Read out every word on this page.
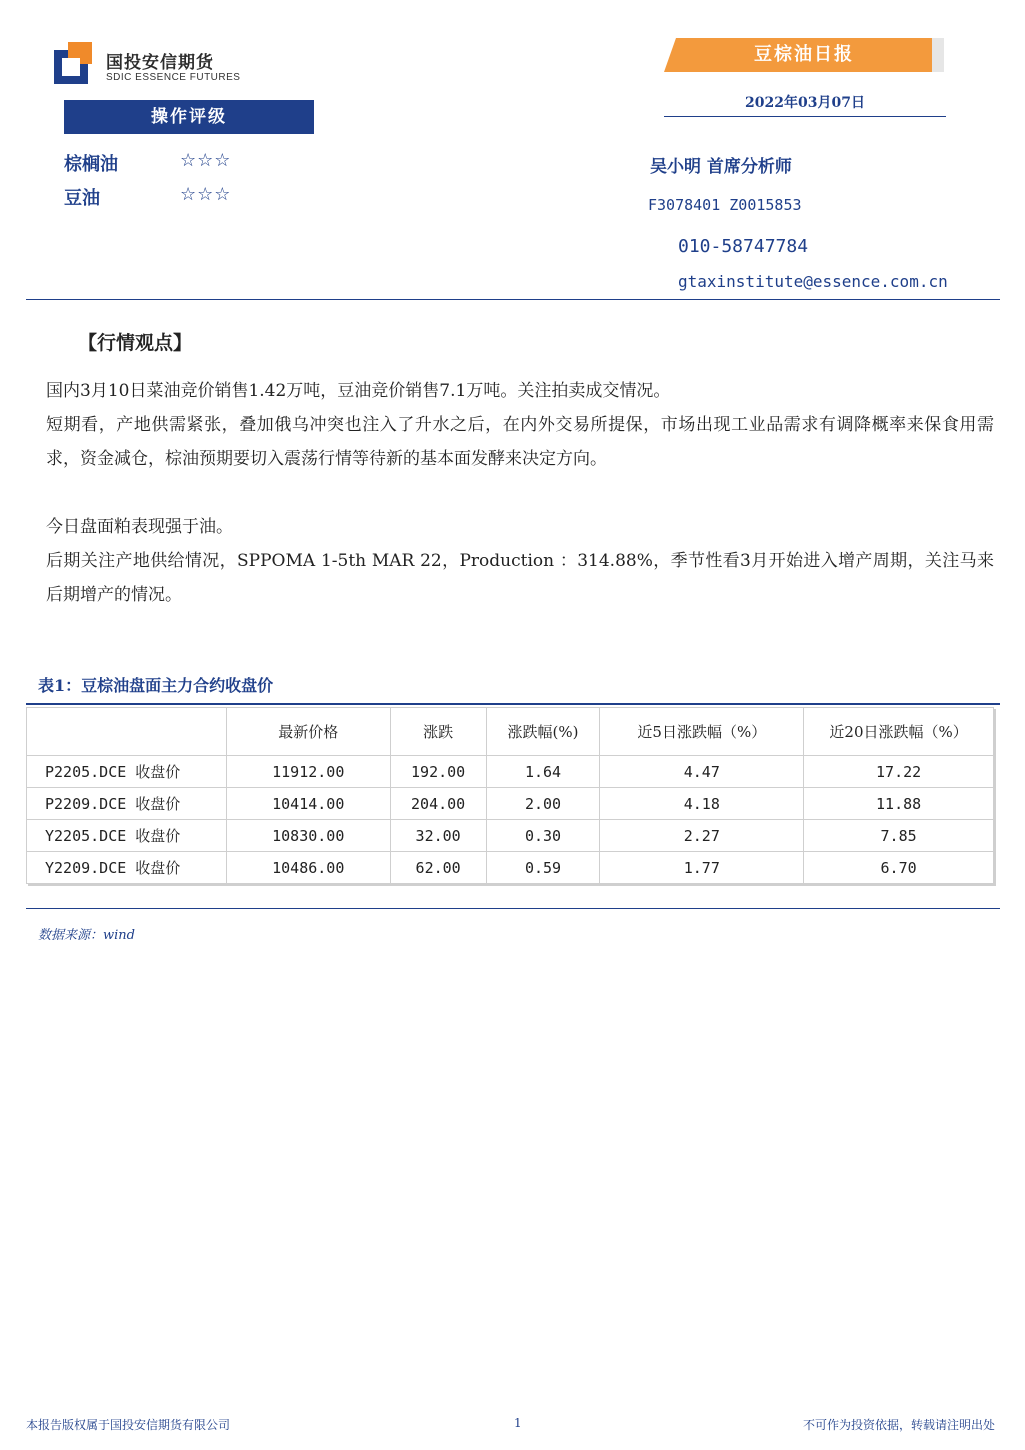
国投安信期货
SDIC ESSENCE FUTURES
豆棕油日报
2022年03月07日
操作评级
棕榈油	☆☆☆
豆油	☆☆☆
吴小明 首席分析师
F3078401 Z0015853
010-58747784
gtaxinstitute@essence.com.cn
【行情观点】

国内3月10日菜油竞价销售1.42万吨，豆油竞价销售7.1万吨。关注拍卖成交情况。

短期看，产地供需紧张，叠加俄乌冲突也注入了升水之后，在内外交易所提保，市场出现工业品需求有调降概率来保食用需求，资金减仓，棕油预期要切入震荡行情等待新的基本面发酵来决定方向。

今日盘面粕表现强于油。

后期关注产地供给情况，SPPOMA 1-5th MAR 22，Production ：314.88%，季节性看3月开始进入增产周期，关注马来后期增产的情况。

表1：豆棕油盘面主力合约收盘价
	最新价格	涨跌	涨跌幅(%)	近5日涨跌幅（%）	近20日涨跌幅（%）
P2205.DCE 收盘价	11912.00	192.00	1.64	4.47	17.22
P2209.DCE 收盘价	10414.00	204.00	2.00	4.18	11.88
Y2205.DCE 收盘价	10830.00	32.00	0.30	2.27	7.85
Y2209.DCE 收盘价	10486.00	62.00	0.59	1.77	6.70
数据来源：wind
本报告版权属于国投安信期货有限公司	1	不可作为投资依据，转载请注明出处
